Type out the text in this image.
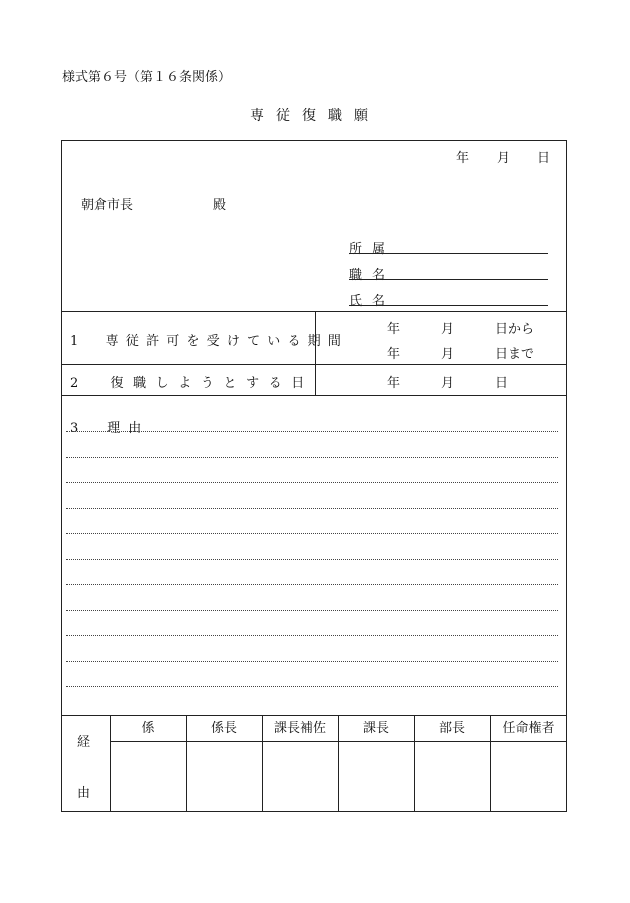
様式第６号（第１６条関係）
専従復職願
年 月 日
朝倉市長	殿
所属
職名
氏名
1　専従許可を受けている期間
年	月	日から
年	月	日まで
2　復職しようとする日	年	月	日
3　理由
経
由
係	係長	課長補佐	課長	部長	任命権者
